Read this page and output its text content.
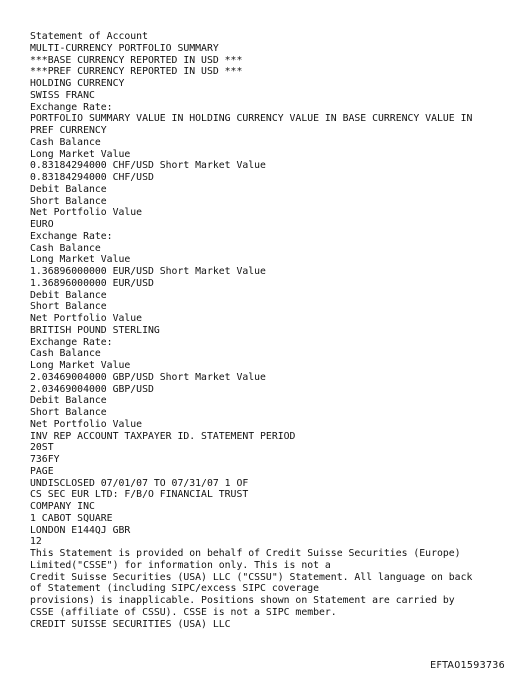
Statement of Account
MULTI-CURRENCY PORTFOLIO SUMMARY
***BASE CURRENCY REPORTED IN USD ***
***PREF CURRENCY REPORTED IN USD ***
HOLDING CURRENCY
SWISS FRANC
Exchange Rate:
PORTFOLIO SUMMARY VALUE IN HOLDING CURRENCY VALUE IN BASE CURRENCY VALUE IN
PREF CURRENCY
Cash Balance
Long Market Value
0.83184294000 CHF/USD Short Market Value
0.83184294000 CHF/USD
Debit Balance
Short Balance
Net Portfolio Value
EURO
Exchange Rate:
Cash Balance
Long Market Value
1.36896000000 EUR/USD Short Market Value
1.36896000000 EUR/USD
Debit Balance
Short Balance
Net Portfolio Value
BRITISH POUND STERLING
Exchange Rate:
Cash Balance
Long Market Value
2.03469004000 GBP/USD Short Market Value
2.03469004000 GBP/USD
Debit Balance
Short Balance
Net Portfolio Value
INV REP ACCOUNT TAXPAYER ID. STATEMENT PERIOD
20ST
736FY
PAGE
UNDISCLOSED 07/01/07 TO 07/31/07 1 OF
CS SEC EUR LTD: F/B/O FINANCIAL TRUST
COMPANY INC
1 CABOT SQUARE
LONDON E144QJ GBR
12
This Statement is provided on behalf of Credit Suisse Securities (Europe)
Limited("CSSE") for information only. This is not a
Credit Suisse Securities (USA) LLC ("CSSU") Statement. All language on back
of Statement (including SIPC/excess SIPC coverage
provisions) is inapplicable. Positions shown on Statement are carried by
CSSE (affiliate of CSSU). CSSE is not a SIPC member.
CREDIT SUISSE SECURITIES (USA) LLC
EFTA01593736
